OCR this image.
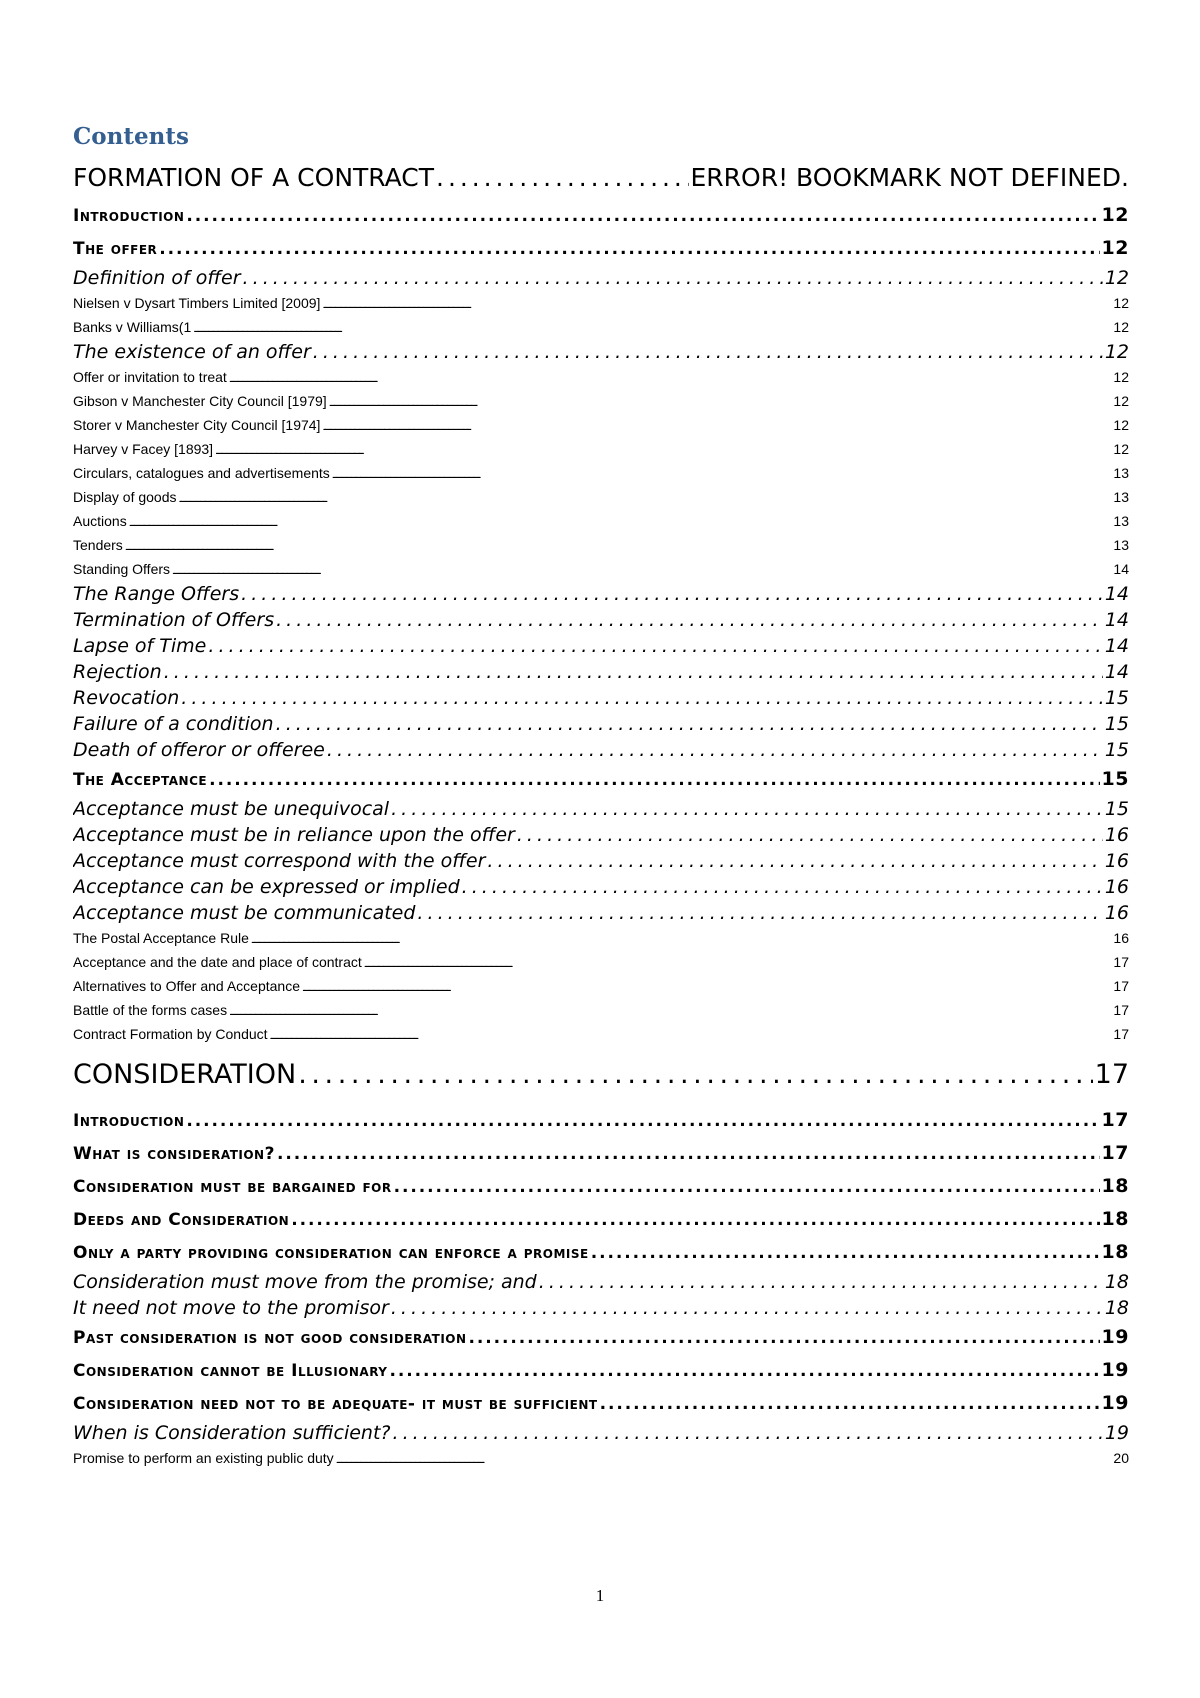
Contents
FORMATION OF A CONTRACT . . .	ERROR! BOOKMARK NOT DEFINED.
Introduction . . .	12
The offer . . .	12
Definition of offer . . .	12
Nielsen v Dysart Timbers Limited [2009] . . .	12
Banks v Williams(1 . . .	12
The existence of an offer . . .	12
Offer or invitation to treat . . .	12
Gibson v Manchester City Council [1979] . . .	12
Storer v Manchester City Council [1974] . . .	12
Harvey v Facey [1893] . . .	12
Circulars, catalogues and advertisements . . .	13
Display of goods . . .	13
Auctions . . .	13
Tenders . . .	13
Standing Offers . . .	14
The Range Offers . . .	14
Termination of Offers . . .	14
Lapse of Time . . .	14
Rejection . . .	14
Revocation . . .	15
Failure of a condition . . .	15
Death of offeror or offeree . . .	15
The Acceptance . . .	15
Acceptance must be unequivocal . . .	15
Acceptance must be in reliance upon the offer . . .	16
Acceptance must correspond with the offer . . .	16
Acceptance can be expressed or implied . . .	16
Acceptance must be communicated . . .	16
The Postal Acceptance Rule . . .	16
Acceptance and the date and place of contract . . .	17
Alternatives to Offer and Acceptance . . .	17
Battle of the forms cases . . .	17
Contract Formation by Conduct . . .	17
CONSIDERATION . . .	17
Introduction . . .	17
What is consideration? . . .	17
Consideration must be bargained for . . .	18
Deeds and Consideration . . .	18
Only a party providing consideration can enforce a promise . . .	18
Consideration must move from the promise; and . . .	18
It need not move to the promisor . . .	18
Past consideration is not good consideration . . .	19
Consideration cannot be Illusionary . . .	19
Consideration need not to be adequate- it must be sufficient . . .	19
When is Consideration sufficient? . . .	19
Promise to perform an existing public duty . . .	20
1
